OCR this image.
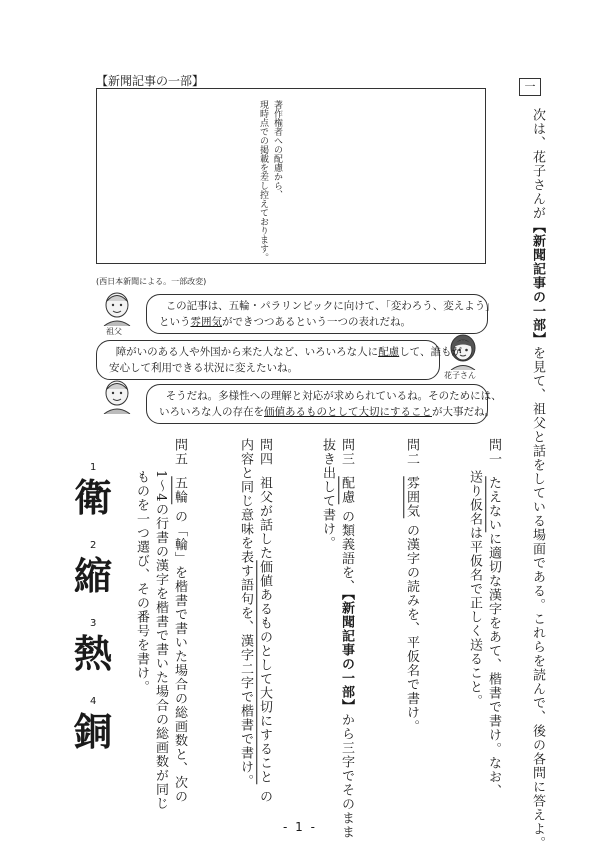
一
次は、花子さんが【新聞記事の一部】を見て、祖父と話をしている場面である。これらを読んで、後の各問に答えよ。
【新聞記事の一部】
著作権者への配慮から、
現時点での掲載を差し控えております。
(西日本新聞による。一部改変)
祖父
この記事は、五輪・パラリンピックに向けて、「変わろう、変えよう」
という雰囲気ができつつあるという一つの表れだね。
花子さん
障がいのある人や外国から来た人など、いろいろな人に配慮して、誰もが
安心して利用できる状況に変えたいね。
そうだね。多様性への理解と対応が求められているね。そのためには、
いろいろな人の存在を価値あるものとして大切にすることが大事だね。
問一  たえないに適切な漢字をあて、楷書で書け。なお、
送り仮名は平仮名で正しく送ること。
問二  雰囲気 の漢字の読みを、平仮名で書け。
問三  配慮 の類義語を、【新聞記事の一部】から三字でそのまま
抜き出して書け。
問四  祖父が話した価値あるものとして大切にすること の
内容と同じ意味を表す語句を、漢字二字で楷書で書け。
問五  五輪 の「輪」を楷書で書いた場合の総画数と、次の
1〜4の行書の漢字を楷書で書いた場合の総画数が同じ
ものを一つ選び、その番号を書け。
1
衛
2
縮
3
熱
4
銅
- 1 -
